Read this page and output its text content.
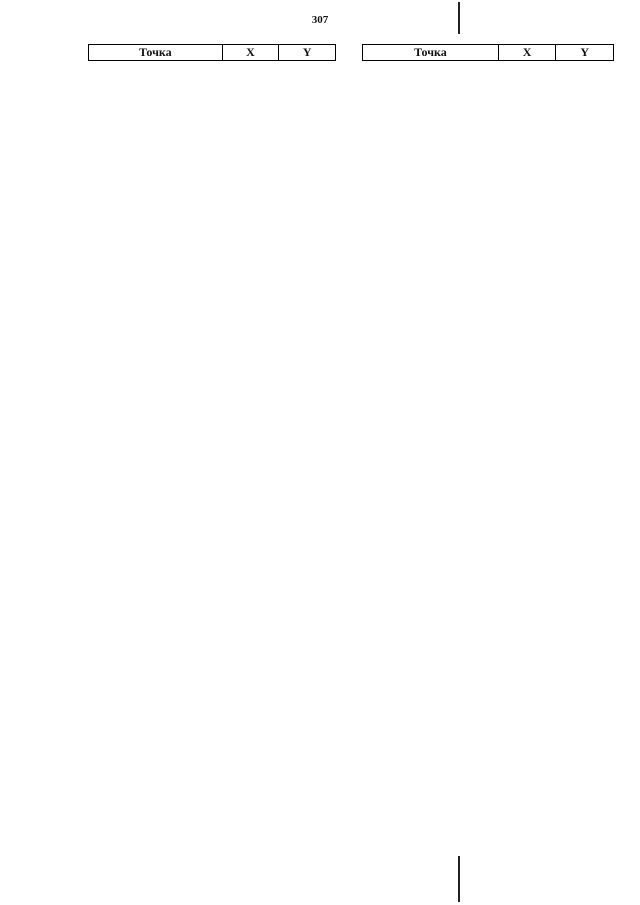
307
Точка	X	Y	Точка	X	Y
